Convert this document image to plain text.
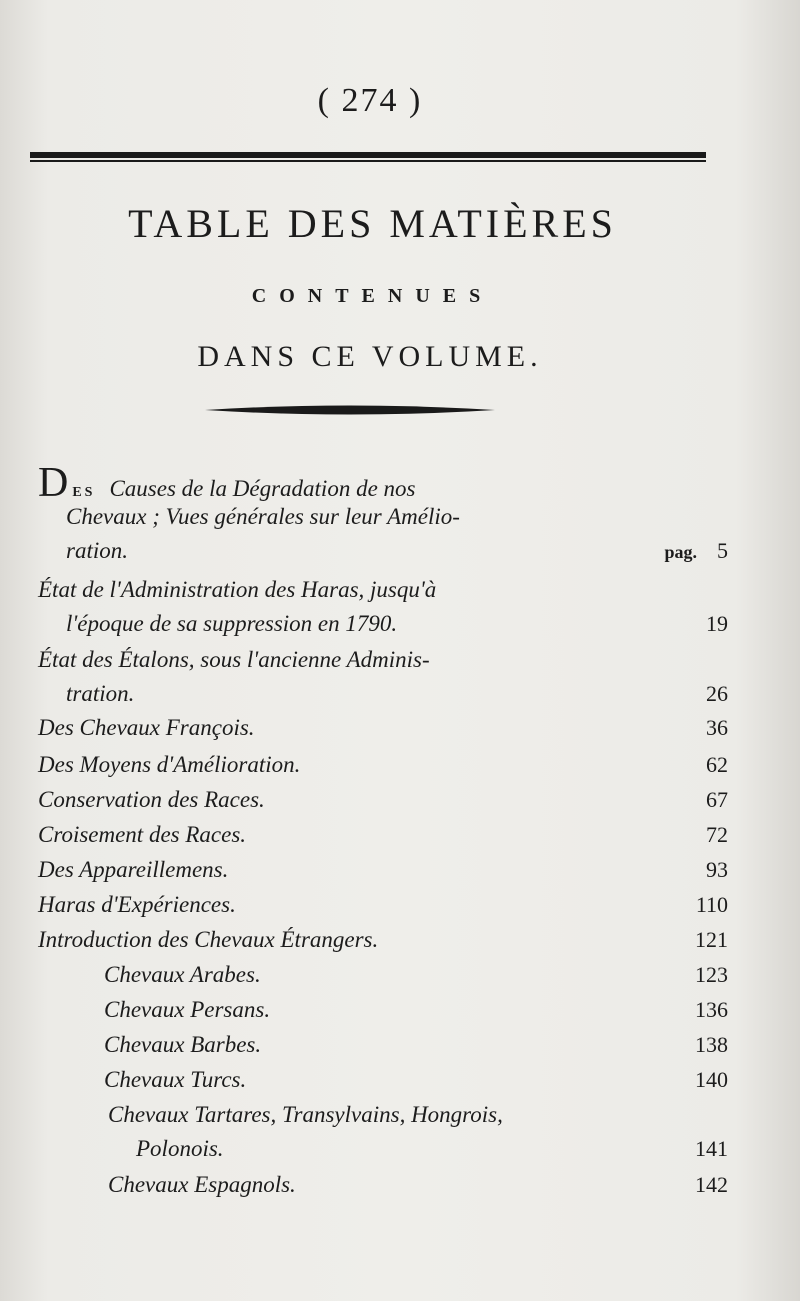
( 274 )
TABLE DES MATIÈRES
CONTENUES
DANS CE VOLUME.
DES Causes de la Dégradation de nos
Chevaux ; Vues générales sur leur Amélio-
ration.	pag. 5
État de l'Administration des Haras, jusqu'à
l'époque de sa suppression en 1790.	19
État des Étalons, sous l'ancienne Adminis-
tration.	26
Des Chevaux François.	36
Des Moyens d'Amélioration.	62
Conservation des Races.	67
Croisement des Races.	72
Des Appareillemens.	93
Haras d'Expériences.	110
Introduction des Chevaux Étrangers.	121
Chevaux Arabes.	123
Chevaux Persans.	136
Chevaux Barbes.	138
Chevaux Turcs.	140
Chevaux Tartares, Transylvains, Hongrois,
Polonois.	141
Chevaux Espagnols.	142
